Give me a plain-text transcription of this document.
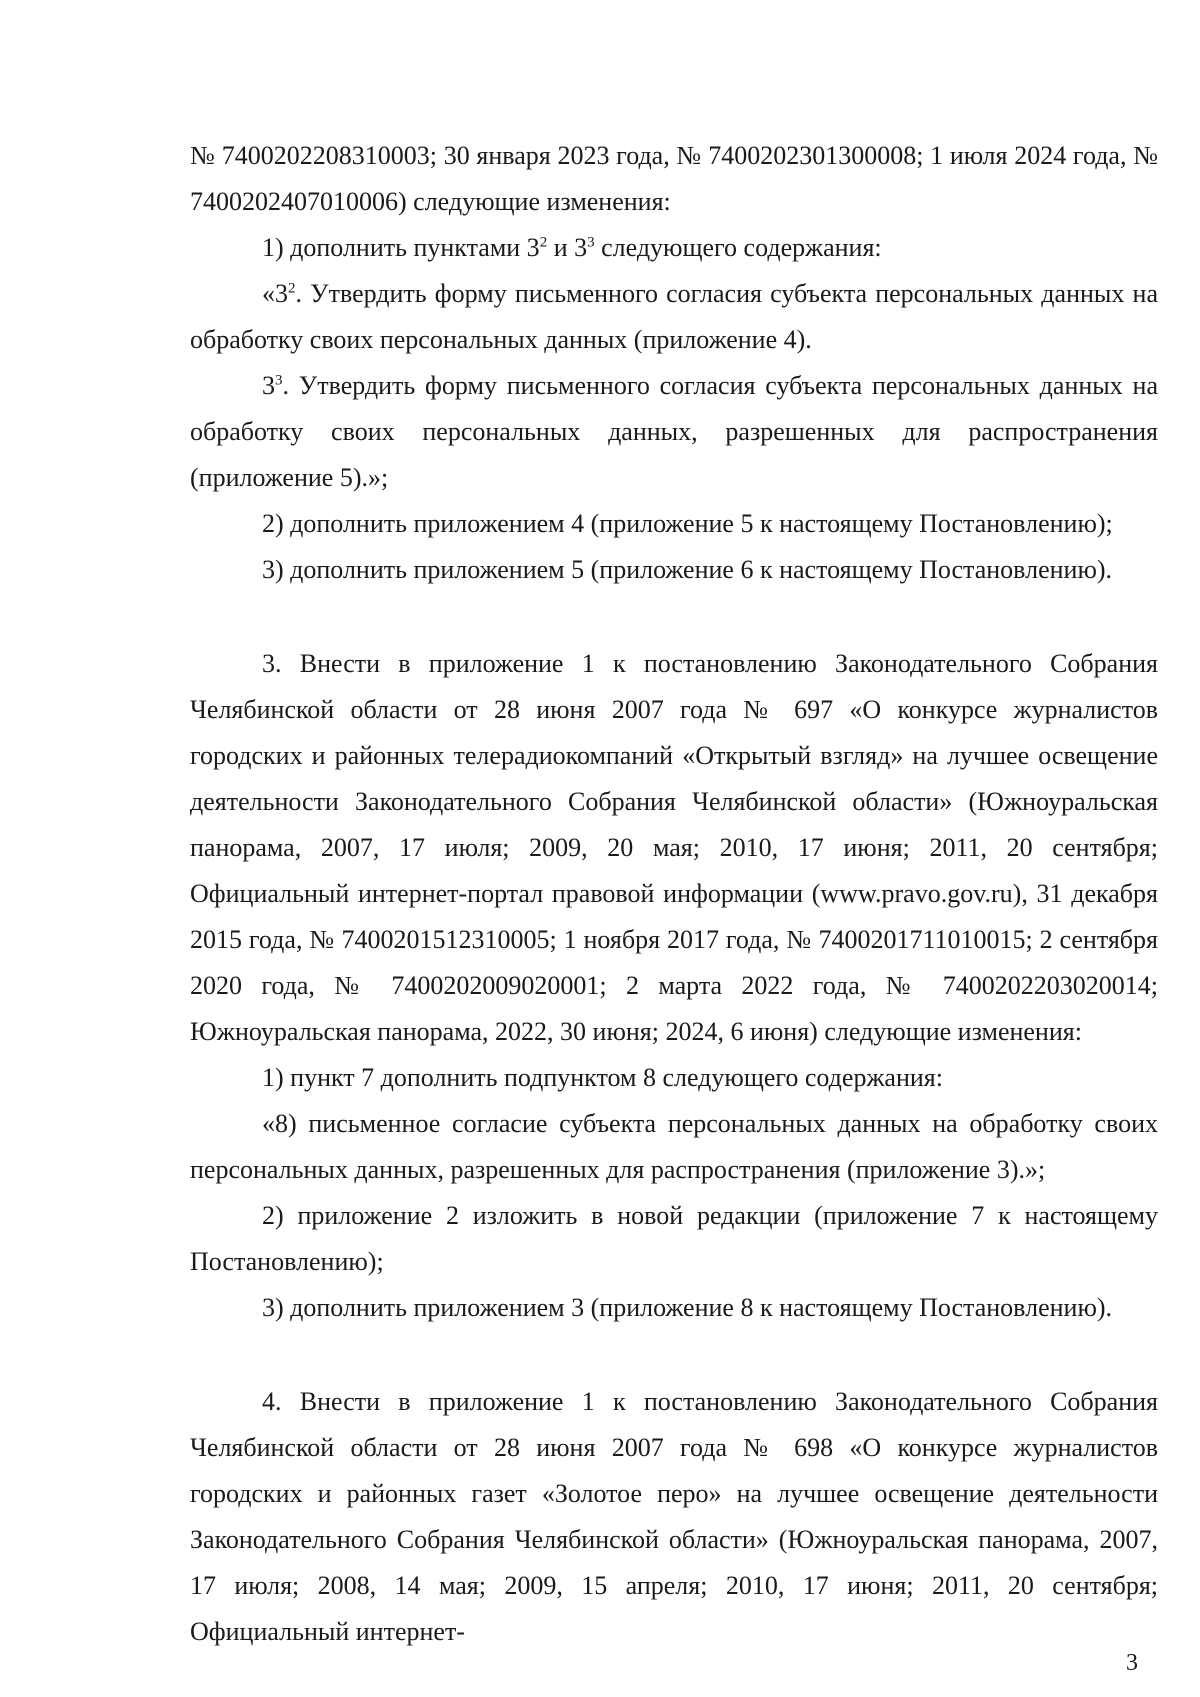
№ 7400202208310003; 30 января 2023 года, № 7400202301300008; 1 июля 2024 года, № 7400202407010006) следующие изменения:

1) дополнить пунктами $3^2$ и $3^3$ следующего содержания:

«$3^2$. Утвердить форму письменного согласия субъекта персональных данных на обработку своих персональных данных (приложение 4).

$3^3$. Утвердить форму письменного согласия субъекта персональных данных на обработку своих персональных данных, разрешенных для распространения (приложение 5).»;

2) дополнить приложением 4 (приложение 5 к настоящему Постановлению);

3) дополнить приложением 5 (приложение 6 к настоящему Постановлению).

3. Внести в приложение 1 к постановлению Законодательного Собрания Челябинской области от 28 июня 2007 года № 697 «О конкурсе журналистов городских и районных телерадиокомпаний «Открытый взгляд» на лучшее освещение деятельности Законодательного Собрания Челябинской области» (Южноуральская панорама, 2007, 17 июля; 2009, 20 мая; 2010, 17 июня; 2011, 20 сентября; Официальный интернет-портал правовой информации (www.pravo.gov.ru), 31 декабря 2015 года, № 7400201512310005; 1 ноября 2017 года, № 7400201711010015; 2 сентября 2020 года, № 7400202009020001; 2 марта 2022 года, № 7400202203020014; Южноуральская панорама, 2022, 30 июня; 2024, 6 июня) следующие изменения:

1) пункт 7 дополнить подпунктом 8 следующего содержания:

«8) письменное согласие субъекта персональных данных на обработку своих персональных данных, разрешенных для распространения (приложение 3).»;

2) приложение 2 изложить в новой редакции (приложение 7 к настоящему Постановлению);

3) дополнить приложением 3 (приложение 8 к настоящему Постановлению).

4. Внести в приложение 1 к постановлению Законодательного Собрания Челябинской области от 28 июня 2007 года № 698 «О конкурсе журналистов городских и районных газет «Золотое перо» на лучшее освещение деятельности Законодательного Собрания Челябинской области» (Южноуральская панорама, 2007, 17 июля; 2008, 14 мая; 2009, 15 апреля; 2010, 17 июня; 2011, 20 сентября; Официальный интернет-

3
